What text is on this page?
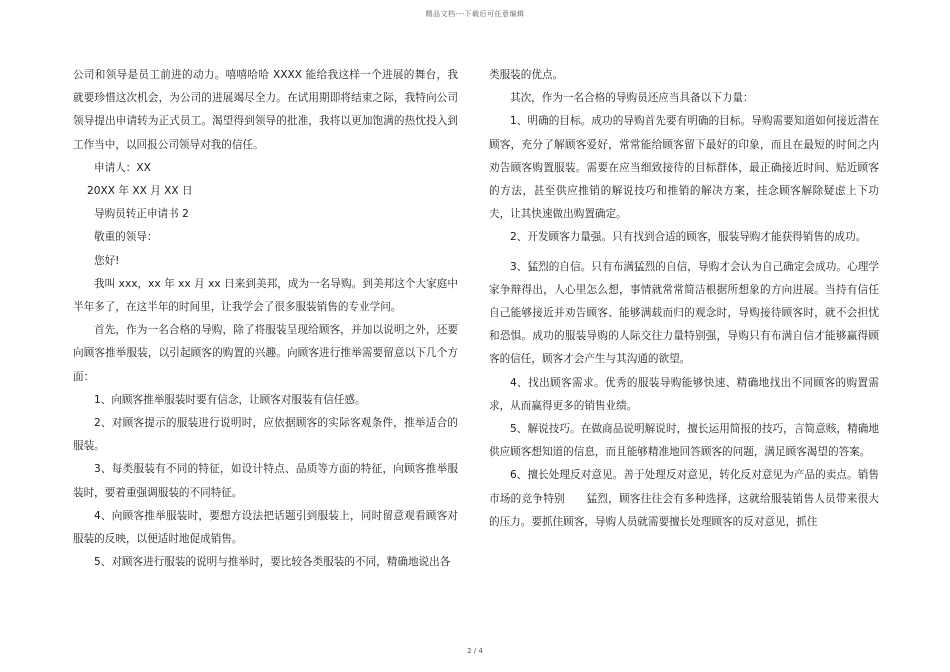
精品文档---下载后可任意编辑

公司和领导是员工前进的动力。嘻嘻哈哈 XXXX 能给我这样一个进展的舞台，我就要珍惜这次机会，为公司的进展竭尽全力。在试用期即将结束之际，我特向公司领导提出申请转为正式员工。渴望得到领导的批准，我将以更加饱满的热忱投入到工作当中，以回报公司领导对我的信任。

申请人：XX

20XX 年 XX 月 XX 日

导购员转正申请书 2

敬重的领导：

您好!

我叫 xxx，xx 年 xx 月 xx 日来到美邦，成为一名导购。到美邦这个大家庭中半年多了，在这半年的时间里，让我学会了很多服装销售的专业学问。

首先，作为一名合格的导购，除了将服装呈现给顾客，并加以说明之外，还要向顾客推举服装，以引起顾客的购置的兴趣。向顾客进行推举需要留意以下几个方面：

1、向顾客推举服装时要有信念，让顾客对服装有信任感。

2、对顾客提示的服装进行说明时，应依据顾客的实际客观条件，推举适合的服装。

3、每类服装有不同的特征，如设计特点、品质等方面的特征，向顾客推举服装时，要着重强调服装的不同特征。

4、向顾客推举服装时，要想方设法把话题引到服装上，同时留意观看顾客对服装的反映，以便适时地促成销售。

5、对顾客进行服装的说明与推举时，要比较各类服装的不同，精确地说出各

类服装的优点。

其次，作为一名合格的导购员还应当具备以下力量：

1、明确的目标。成功的导购首先要有明确的目标。导购需要知道如何接近潜在顾客，充分了解顾客爱好，常常能给顾客留下最好的印象，而且在最短的时间之内劝告顾客购置服装。需要在应当细致接待的目标群体，最正确接近时间、贴近顾客的方法，甚至供应推销的解说技巧和推销的解决方案，挂念顾客解除疑虑上下功夫，让其快速做出购置确定。

2、开发顾客力量强。只有找到合适的顾客，服装导购才能获得销售的成功。

3、猛烈的自信。只有布满猛烈的自信，导购才会认为自己确定会成功。心理学家争辩得出，人心里怎么想，事情就常常简洁根据所想象的方向进展。当持有信任自己能够接近并劝告顾客、能够满载而归的观念时，导购接待顾客时，就不会担忧和恐惧。成功的服装导购的人际交往力量特别强，导购只有布满自信才能够赢得顾客的信任，顾客才会产生与其沟通的欲望。

4、找出顾客需求。优秀的服装导购能够快速、精确地找出不同顾客的购置需求，从而赢得更多的销售业绩。

5、解说技巧。在做商品说明解说时，擅长运用简报的技巧，言简意赅，精确地供应顾客想知道的信息，而且能够精准地回答顾客的问题，满足顾客渴望的答案。

6、擅长处理反对意见。善于处理反对意见，转化反对意见为产品的卖点。销售市场的竞争特别　　猛烈，顾客往往会有多种选择，这就给服装销售人员带来很大的压力。要抓住顾客，导购人员就需要擅长处理顾客的反对意见，抓住

2 / 4
